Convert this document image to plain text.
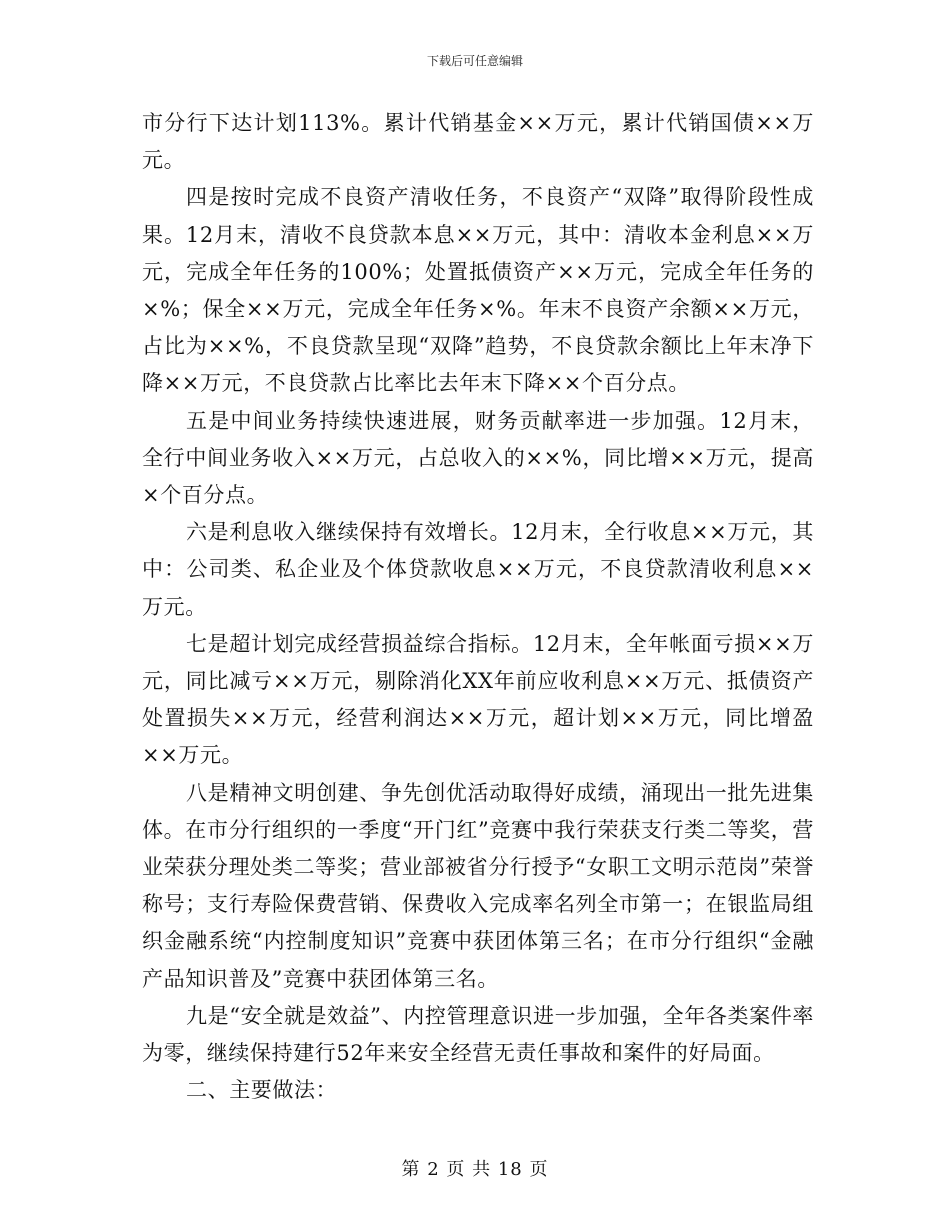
下载后可任意编辑

市分行下达计划113%。累计代销基金××万元，累计代销国债××万元。

四是按时完成不良资产清收任务，不良资产“双降”取得阶段性成果。12月末，清收不良贷款本息××万元，其中：清收本金利息××万元，完成全年任务的100%；处置抵债资产××万元，完成全年任务的×%；保全××万元，完成全年任务×%。年末不良资产余额××万元，占比为××%，不良贷款呈现“双降”趋势，不良贷款余额比上年末净下降××万元，不良贷款占比率比去年末下降××个百分点。

五是中间业务持续快速进展，财务贡献率进一步加强。12月末，全行中间业务收入××万元，占总收入的××%，同比增××万元，提高×个百分点。

六是利息收入继续保持有效增长。12月末，全行收息××万元，其中：公司类、私企业及个体贷款收息××万元，不良贷款清收利息××万元。

七是超计划完成经营损益综合指标。12月末，全年帐面亏损××万元，同比减亏××万元，剔除消化XX年前应收利息××万元、抵债资产处置损失××万元，经营利润达××万元，超计划××万元，同比增盈××万元。

八是精神文明创建、争先创优活动取得好成绩，涌现出一批先进集体。在市分行组织的一季度“开门红”竞赛中我行荣获支行类二等奖，营业荣获分理处类二等奖；营业部被省分行授予“女职工文明示范岗”荣誉称号；支行寿险保费营销、保费收入完成率名列全市第一；在银监局组织金融系统“内控制度知识”竞赛中获团体第三名；在市分行组织“金融产品知识普及”竞赛中获团体第三名。

九是“安全就是效益”、内控管理意识进一步加强，全年各类案件率为零，继续保持建行52年来安全经营无责任事故和案件的好局面。

二、主要做法：

第 2 页 共 18 页
